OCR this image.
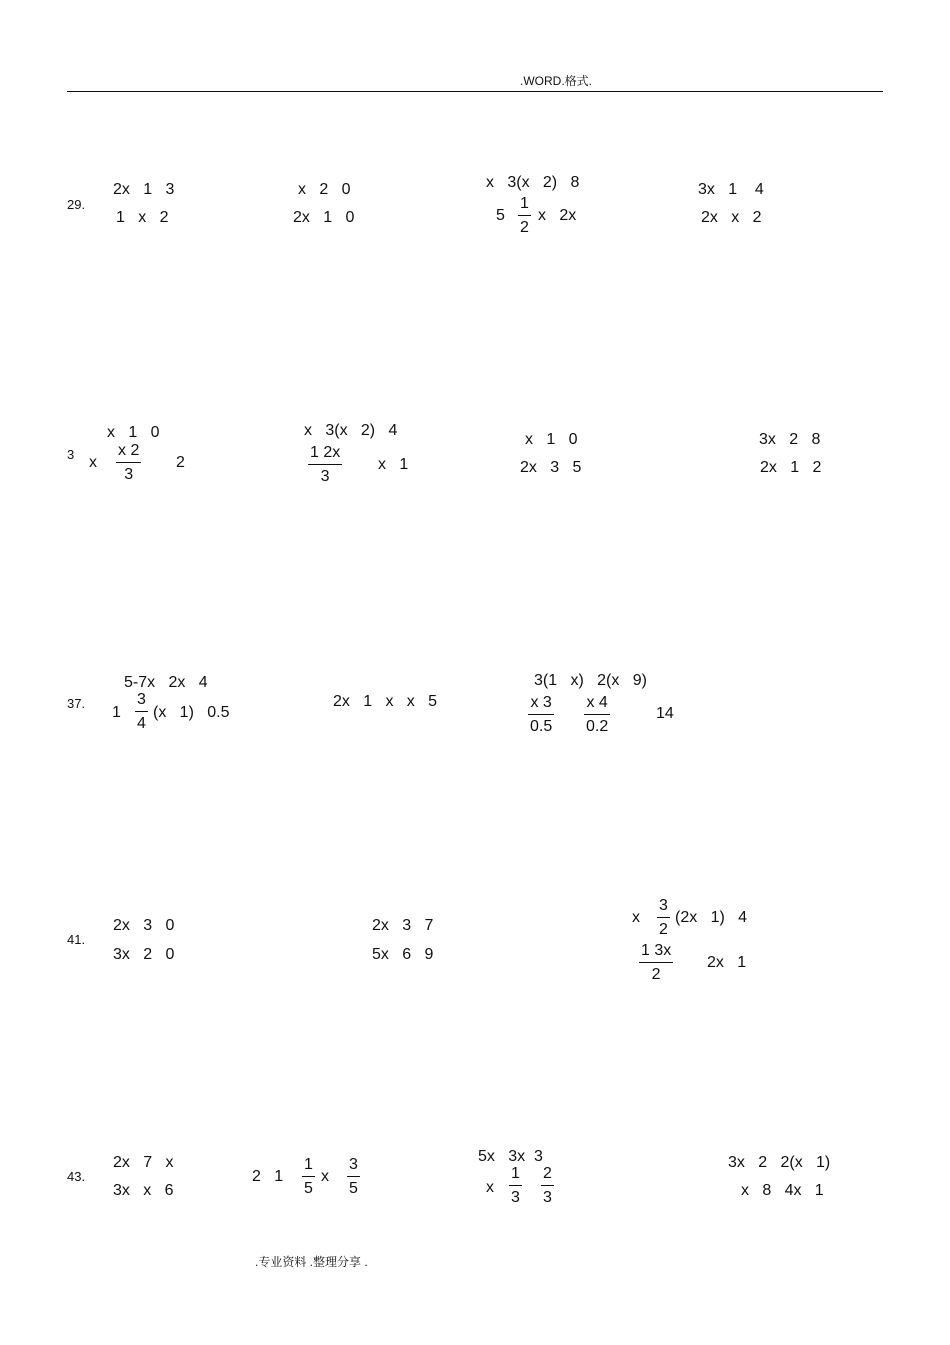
.WORD.格式.
29.
2x   1   3
1   x   2
x   2   0
2x   1   0
x   3(x   2)   8
5
1
2
x   2x
3x   1    4
2x   x   2
3
x   1   0
x
x 2
3
2
x   3(x   2)   4
1 2x
3
x   1
x   1   0
2x   3   5
3x   2   8
2x   1   2
37.
5-7x   2x   4
1
3
4
(x   1)   0.5
2x   1   x   x   5
3(1   x)   2(x   9)
x 3
0.5
x 4
0.2
14
41.
2x   3   0
3x   2   0
2x   3   7
5x   6   9
x
3
2
(2x   1)   4
1 3x
2
2x   1
43.
2x   7   x
3x   x   6
2   1
1
5
x
3
5
5x   3x  3
x
1
3
2
3
3x   2   2(x   1)
x   8   4x   1
.专业资料 .整理分享 .
